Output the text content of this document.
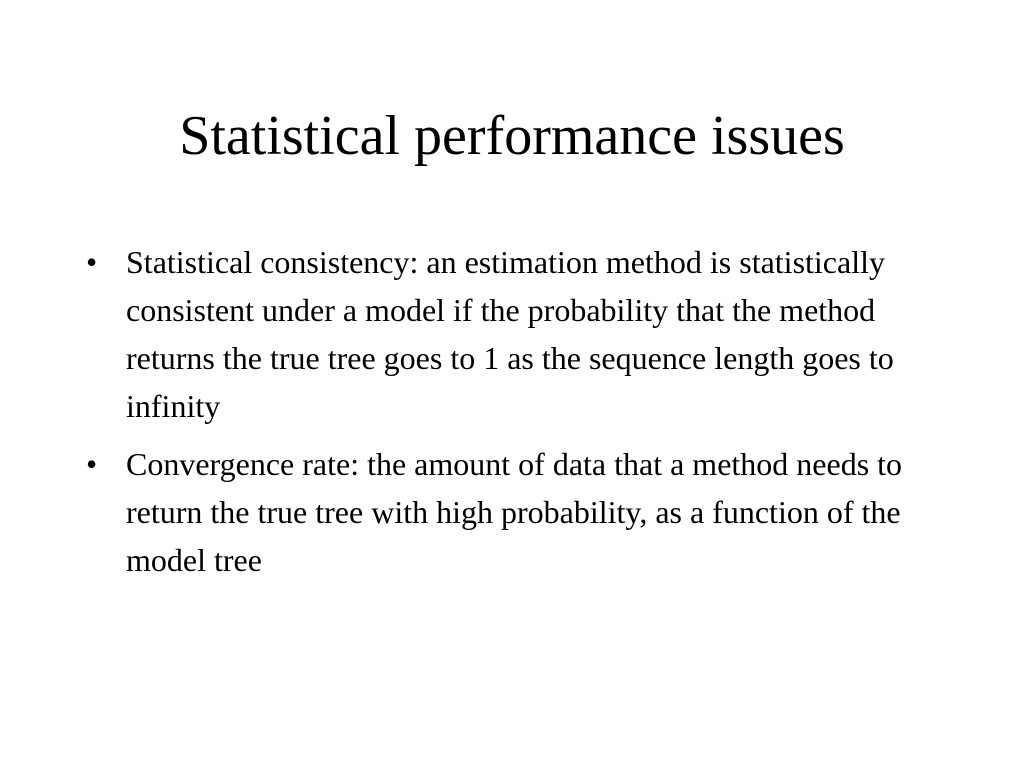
Statistical performance issues
• Statistical consistency: an estimation method is statistically consistent under a model if the probability that the method returns the true tree goes to 1 as the sequence length goes to infinity
• Convergence rate: the amount of data that a method needs to return the true tree with high probability, as a function of the model tree
